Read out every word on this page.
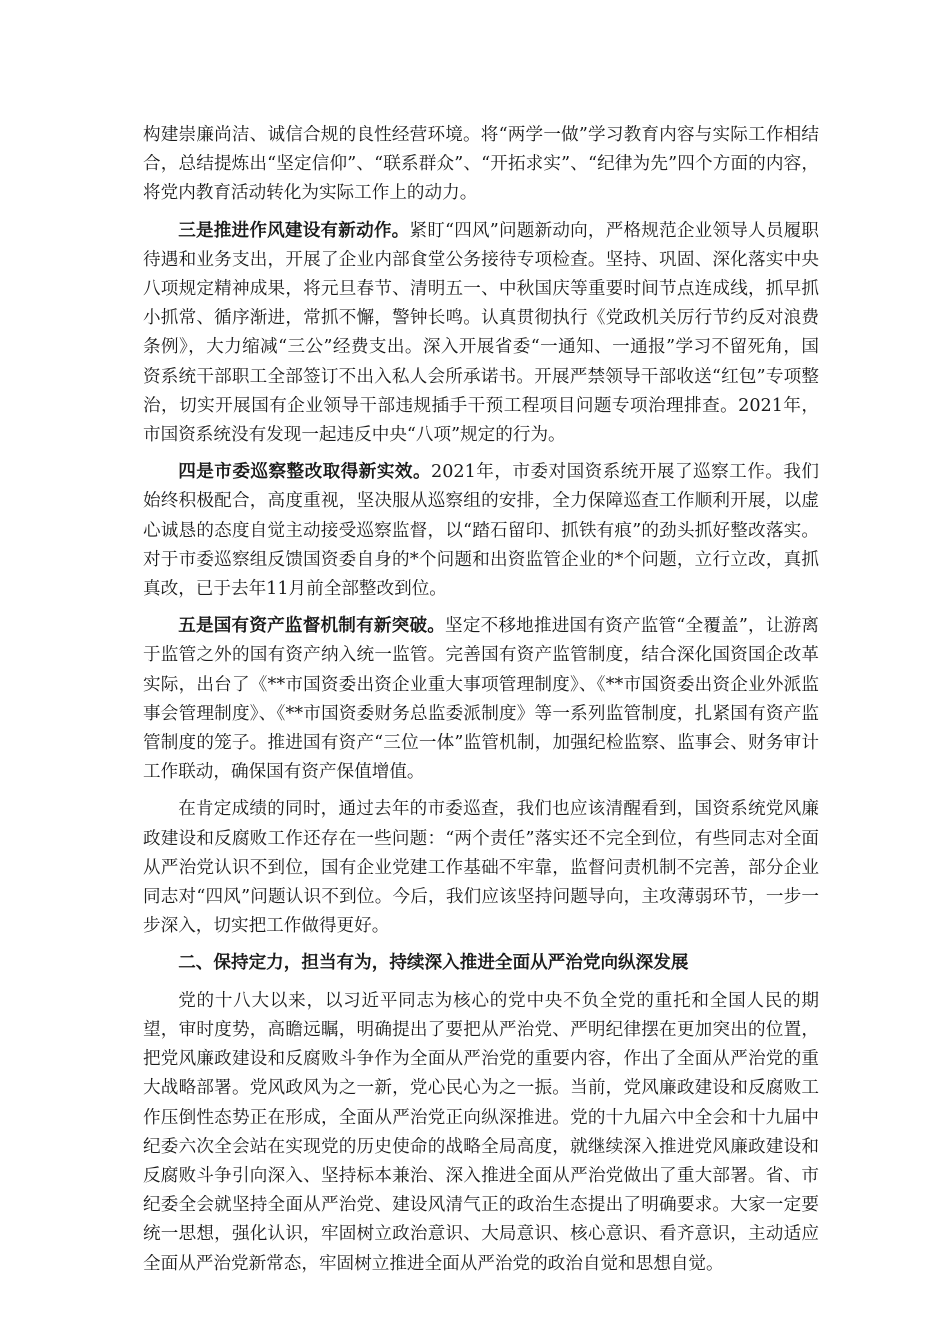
构建崇廉尚洁、诚信合规的良性经营环境。将“两学一做”学习教育内容与实际工作相结合，总结提炼出“坚定信仰”、“联系群众”、“开拓求实”、“纪律为先”四个方面的内容，将党内教育活动转化为实际工作上的动力。

三是推进作风建设有新动作。紧盯“四风”问题新动向，严格规范企业领导人员履职待遇和业务支出，开展了企业内部食堂公务接待专项检查。坚持、巩固、深化落实中央八项规定精神成果，将元旦春节、清明五一、中秋国庆等重要时间节点连成线，抓早抓小抓常、循序渐进，常抓不懈，警钟长鸣。认真贯彻执行《党政机关厉行节约反对浪费条例》，大力缩减“三公”经费支出。深入开展省委“一通知、一通报”学习不留死角，国资系统干部职工全部签订不出入私人会所承诺书。开展严禁领导干部收送“红包”专项整治，切实开展国有企业领导干部违规插手干预工程项目问题专项治理排查。2021年，市国资系统没有发现一起违反中央“八项”规定的行为。

四是市委巡察整改取得新实效。2021年，市委对国资系统开展了巡察工作。我们始终积极配合，高度重视，坚决服从巡察组的安排，全力保障巡查工作顺利开展，以虚心诚恳的态度自觉主动接受巡察监督，以“踏石留印、抓铁有痕”的劲头抓好整改落实。对于市委巡察组反馈国资委自身的*个问题和出资监管企业的*个问题，立行立改，真抓真改，已于去年11月前全部整改到位。

五是国有资产监督机制有新突破。坚定不移地推进国有资产监管“全覆盖”，让游离于监管之外的国有资产纳入统一监管。完善国有资产监管制度，结合深化国资国企改革实际，出台了《**市国资委出资企业重大事项管理制度》、《**市国资委出资企业外派监事会管理制度》、《**市国资委财务总监委派制度》等一系列监管制度，扎紧国有资产监管制度的笼子。推进国有资产“三位一体”监管机制，加强纪检监察、监事会、财务审计工作联动，确保国有资产保值增值。

在肯定成绩的同时，通过去年的市委巡查，我们也应该清醒看到，国资系统党风廉政建设和反腐败工作还存在一些问题：“两个责任”落实还不完全到位，有些同志对全面从严治党认识不到位，国有企业党建工作基础不牢靠，监督问责机制不完善，部分企业同志对“四风”问题认识不到位。今后，我们应该坚持问题导向，主攻薄弱环节，一步一步深入，切实把工作做得更好。

二、保持定力，担当有为，持续深入推进全面从严治党向纵深发展

党的十八大以来，以习近平同志为核心的党中央不负全党的重托和全国人民的期望，审时度势，高瞻远瞩，明确提出了要把从严治党、严明纪律摆在更加突出的位置，把党风廉政建设和反腐败斗争作为全面从严治党的重要内容，作出了全面从严治党的重大战略部署。党风政风为之一新，党心民心为之一振。当前，党风廉政建设和反腐败工作压倒性态势正在形成，全面从严治党正向纵深推进。党的十九届六中全会和十九届中纪委六次全会站在实现党的历史使命的战略全局高度，就继续深入推进党风廉政建设和反腐败斗争引向深入、坚持标本兼治、深入推进全面从严治党做出了重大部署。省、市纪委全会就坚持全面从严治党、建设风清气正的政治生态提出了明确要求。大家一定要统一思想，强化认识，牢固树立政治意识、大局意识、核心意识、看齐意识，主动适应全面从严治党新常态，牢固树立推进全面从严治党的政治自觉和思想自觉。
